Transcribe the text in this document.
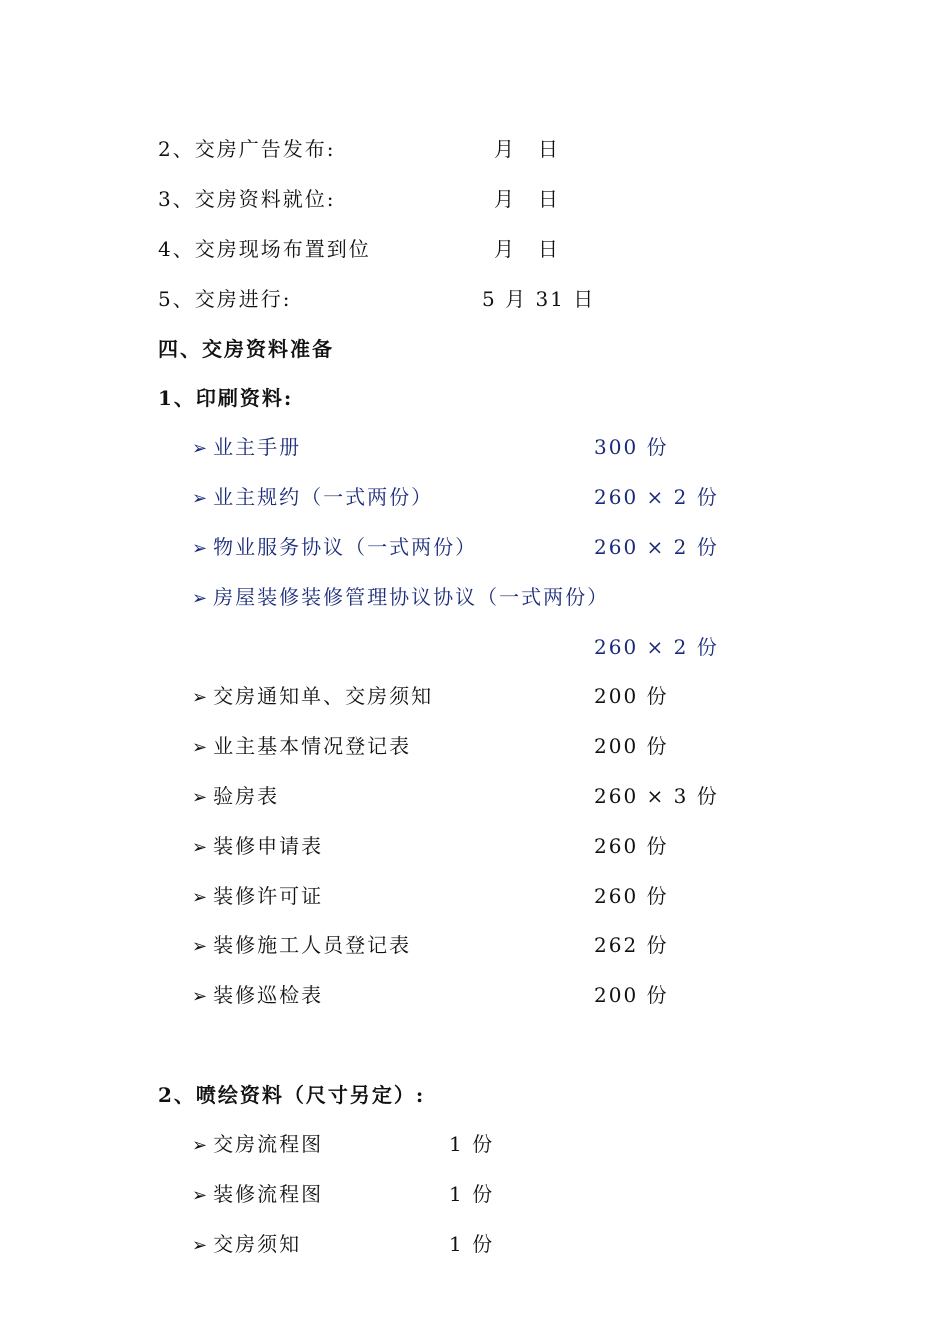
2、交房广告发布:	月　日
3、交房资料就位:	月　日
4、交房现场布置到位	月　日
5、交房进行:	5 月 31 日
四、交房资料准备
1、印刷资料:
➢ 业主手册	300 份
➢ 业主规约（一式两份）	260 × 2 份
➢ 物业服务协议（一式两份）	260 × 2 份
➢ 房屋装修装修管理协议协议（一式两份）
260 × 2 份
➢ 交房通知单、交房须知	200 份
➢ 业主基本情况登记表	200 份
➢ 验房表	260 × 3 份
➢ 装修申请表	260 份
➢ 装修许可证	260 份
➢ 装修施工人员登记表	262 份
➢ 装修巡检表	200 份
2、喷绘资料（尺寸另定）:
➢ 交房流程图	1 份
➢ 装修流程图	1 份
➢ 交房须知	1 份
